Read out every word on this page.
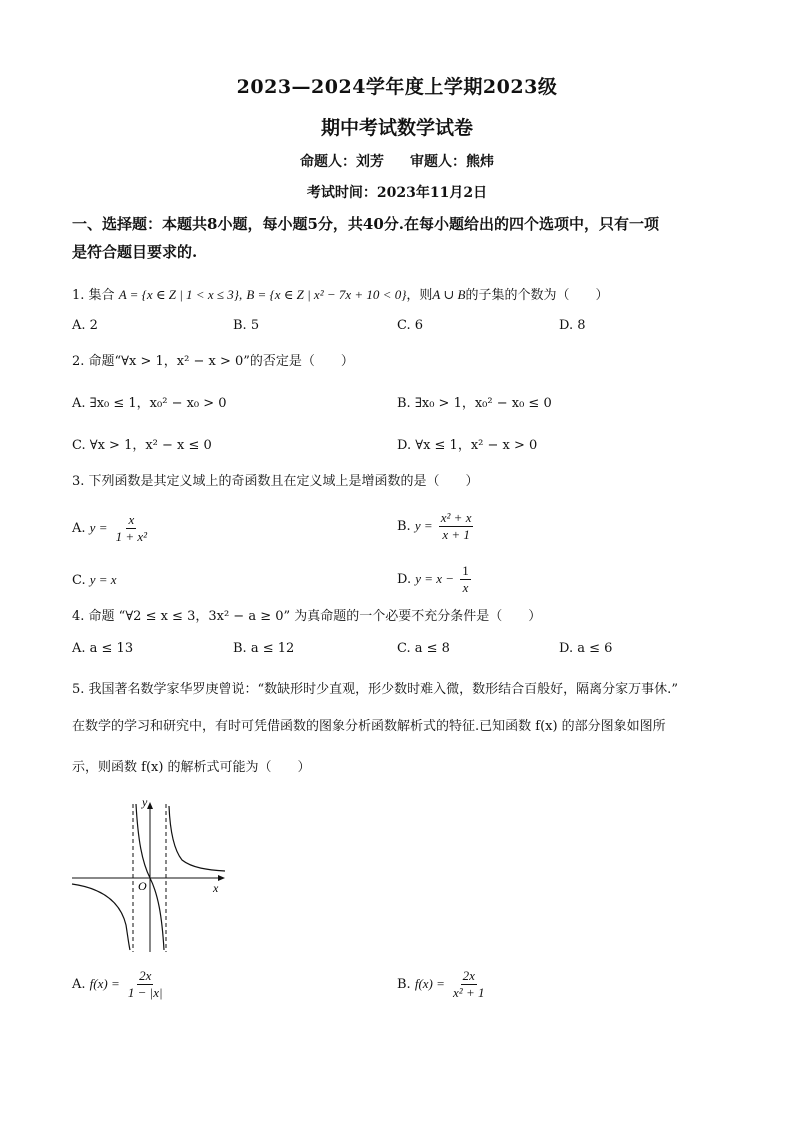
2023—2024学年度上学期2023级
期中考试数学试卷
命题人：刘芳 审题人：熊炜
考试时间：2023年11月2日
一、选择题：本题共8小题，每小题5分，共40分.在每小题给出的四个选项中，只有一项
是符合题目要求的.
1. 集合 A = {x ∈ Z | 1 < x ≤ 3}, B = {x ∈ Z | x² − 7x + 10 < 0}，则A ∪ B的子集的个数为（　　）
A. 2	B. 5	C. 6	D. 8
2. 命题“∀x > 1，x² − x > 0”的否定是（　　）
A. ∃x₀ ≤ 1，x₀² − x₀ > 0	B. ∃x₀ > 1，x₀² − x₀ ≤ 0
C. ∀x > 1，x² − x ≤ 0	D. ∀x ≤ 1，x² − x > 0
3. 下列函数是其定义域上的奇函数且在定义域上是增函数的是（　　）
A. $y = \frac{x}{\text{1 + x²}}$	B. $y = \frac{\text{x² + x}}{x + 1}$
C. y = x	D. $y = x - \frac{1}{x}$
4. 命题 “∀2 ≤ x ≤ 3，3x² − a ≥ 0” 为真命题的一个必要不充分条件是（　　）
A. a ≤ 13	B. a ≤ 12	C. a ≤ 8	D. a ≤ 6
5. 我国著名数学家华罗庚曾说：“数缺形时少直观，形少数时难入微，数形结合百般好，隔离分家万事休.”
在数学的学习和研究中，有时可凭借函数的图象分析函数解析式的特征.已知函数 f(x) 的部分图象如图所
示，则函数 f(x) 的解析式可能为（　　）
y
x
O
A. $f(x) = \frac{2x}{1 - |x|}$	B. $f(x) = \frac{2x}{\text{x² + 1}}$
